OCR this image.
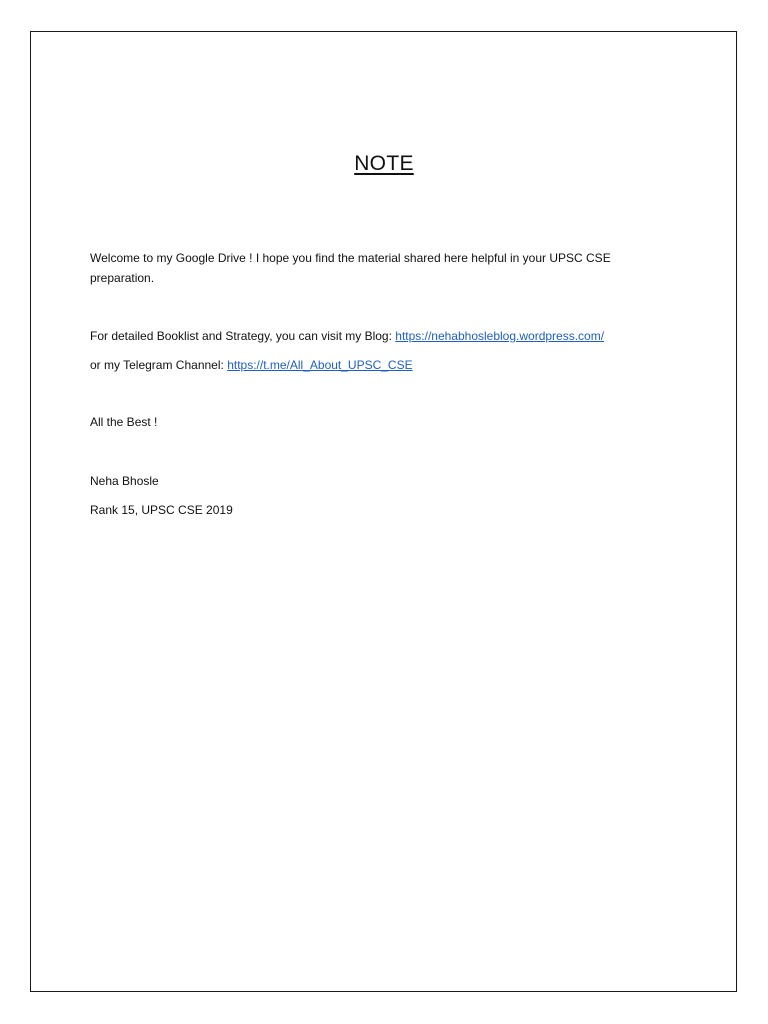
NOTE
Welcome to my Google Drive ! I hope you find the material shared here helpful in your UPSC CSE preparation.
For detailed Booklist and Strategy, you can visit my Blog: https://nehabhosleblog.wordpress.com/
or my Telegram Channel: https://t.me/All_About_UPSC_CSE
All the Best !
Neha Bhosle
Rank 15, UPSC CSE 2019
